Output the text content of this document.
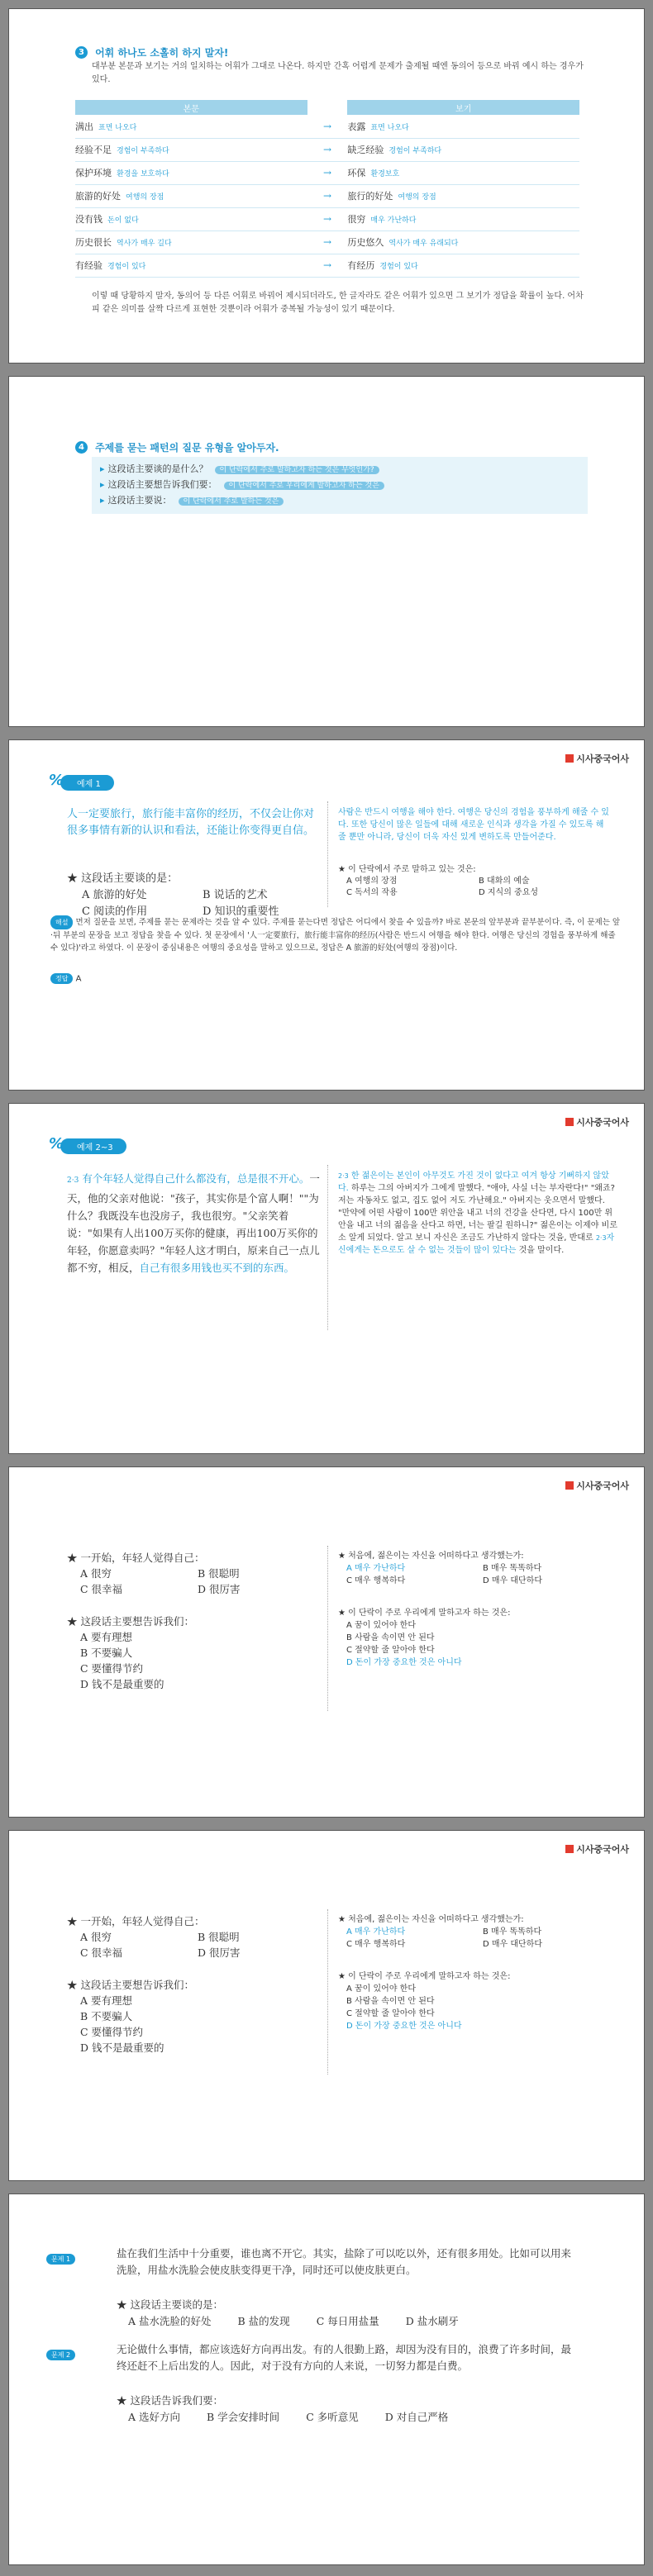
3 어휘 하나도 소홀히 하지 말자!
대부분 본문과 보기는 거의 일치하는 어휘가 그대로 나온다. 하지만 간혹 어렵게 문제가 출제될 때엔 동의어 등으로 바꿔 예시 하는 경우가 있다.
본문		보기
满出 표면 나오다	→	表露 표면 나오다
经验不足 경험이 부족하다	→	缺乏经验 경험이 부족하다
保护环境 환경을 보호하다	→	环保 환경보호
旅游的好处 여행의 장점	→	旅行的好处 여행의 장점
没有钱 돈이 없다	→	很穷 매우 가난하다
历史很长 역사가 매우 길다	→	历史悠久 역사가 매우 유래되다
有经验 경험이 있다	→	有经历 경험이 있다
이렇 때 당황하지 말자, 동의어 등 다른 어휘로 바꿔어 제시되더라도, 한 글자라도 같은 어휘가 있으면 그 보기가 정답을 확률이 높다. 어차피 같은 의미를 살짝 다르게 표현한 것뿐이라 어휘가 중복될 가능성이 있기 때문이다.
4 주제를 묻는 패턴의 질문 유형을 알아두자.
▸ 这段话主要谈的是什么？ 이 단락에서 주로 말하고자 하는 것은 무엇인가?
▸ 这段话主要想告诉我们要： 이 단락에서 주로 우리에게 말하고자 하는 것은
▸ 这段话主要说： 이 단락에서 주로 말하는 것은
시사중국어사
% 예제 1
人一定要旅行，旅行能丰富你的经历，不仅会让你对很多事情有新的认识和看法，还能让你变得更自信。
★ 这段话主要谈的是：
A 旅游的好处	B 说话的艺术
C 阅读的作用	D 知识的重要性
사람은 반드시 여행을 해야 한다. 여행은 당신의 경험을 풍부하게 해줄 수 있다. 또한 당신이 많은 일들에 대해 새로운 인식과 생각을 가질 수 있도록 해줄 뿐만 아니라, 당신이 더욱 자신 있게 변하도록 만들어준다.
★ 이 단락에서 주로 말하고 있는 것은:
A 여행의 장점	B 대화의 예술
C 독서의 작용	D 지식의 중요성
해설 먼저 질문을 보면, 주제를 묻는 문제라는 것을 알 수 있다. 주제를 묻는다면 정답은 어디에서 찾을 수 있을까? 바로 본문의 앞부분과 끝부분이다. 즉, 이 문제는 앞·뒤 부분의 문장을 보고 정답을 찾을 수 있다. 첫 문장에서 '人一定要旅行，旅行能丰富你的经历(사람은 반드시 여행을 해야 한다. 여행은 당신의 경험을 풍부하게 해줄 수 있다)'라고 하였다. 이 문장이 중심내용은 여행의 중요성을 말하고 있으므로, 정답은 A 旅游的好处(여행의 장점)이다.
정답 A
시사중국어사
% 예제 2~3
2·3 有个年轻人觉得自己什么都没有，总是很不开心。一天，他的父亲对他说："孩子，其实你是个富人啊！""为什么？我既没车也没房子，我也很穷。"父亲笑着说："如果有人出100万买你的健康，再出100万买你的年轻，你愿意卖吗？"年轻人这才明白，原来自己一点儿都不穷，相反，自己有很多用钱也买不到的东西。
2·3 한 젊은이는 본인이 아무것도 가진 것이 없다고 여겨 항상 기뻐하지 않았다. 하루는 그의 아버지가 그에게 말했다. "애야, 사실 너는 부자란다!" "왜죠? 저는 자동차도 없고, 집도 없어 저도 가난해요." 아버지는 웃으면서 말했다. "만약에 어떤 사람이 100만 위안을 내고 너의 건강을 산다면, 다시 100만 위안을 내고 너의 젊음을 산다고 하면, 너는 팔길 원하니?" 젊은이는 이제야 비로소 알게 되었다. 알고 보니 자신은 조금도 가난하지 않다는 것을, 반대로 2·3자신에게는 돈으로도 살 수 없는 것들이 많이 있다는 것을 말이다.
시사중국어사
★ 一开始，年轻人觉得自己：
A 很穷	B 很聪明
C 很幸福	D 很厉害
★ 这段话主要想告诉我们：
A 要有理想
B 不要骗人
C 要懂得节约
D 钱不是最重要的
★ 처음에, 젊은이는 자신을 어떠하다고 생각했는가:
A 매우 가난하다	B 매우 똑똑하다
C 매우 행복하다	D 매우 대단하다
★ 이 단락이 주로 우리에게 말하고자 하는 것은:
A 꿈이 있어야 한다
B 사람을 속이면 안 된다
C 절약할 줄 알아야 한다
D 돈이 가장 중요한 것은 아니다
시사중국어사
★ 一开始，年轻人觉得自己：
A 很穷	B 很聪明
C 很幸福	D 很厉害
★ 这段话主要想告诉我们：
A 要有理想
B 不要骗人
C 要懂得节约
D 钱不是最重要的
★ 처음에, 젊은이는 자신을 어떠하다고 생각했는가:
A 매우 가난하다	B 매우 똑똑하다
C 매우 행복하다	D 매우 대단하다
★ 이 단락이 주로 우리에게 말하고자 하는 것은:
A 꿈이 있어야 한다
B 사람을 속이면 안 된다
C 절약할 줄 알아야 한다
D 돈이 가장 중요한 것은 아니다
문제 1	盐在我们生活中十分重要，谁也离不开它。其实，盐除了可以吃以外，还有很多用处。比如可以用来洗脸，用盐水洗脸会使皮肤变得更干净，同时还可以使皮肤更白。
★ 这段话主要谈的是：
A 盐水洗脸的好处	B 盐的发现	C 每日用盐量	D 盐水刷牙
문제 2	无论做什么事情，都应该选好方向再出发。有的人很勤上路，却因为没有目的，浪费了许多时间，最终还赶不上后出发的人。因此，对于没有方向的人来说，一切努力都是白费。
★ 这段话告诉我们要：
A 选好方向	B 学会安排时间	C 多听意见	D 对自己严格
